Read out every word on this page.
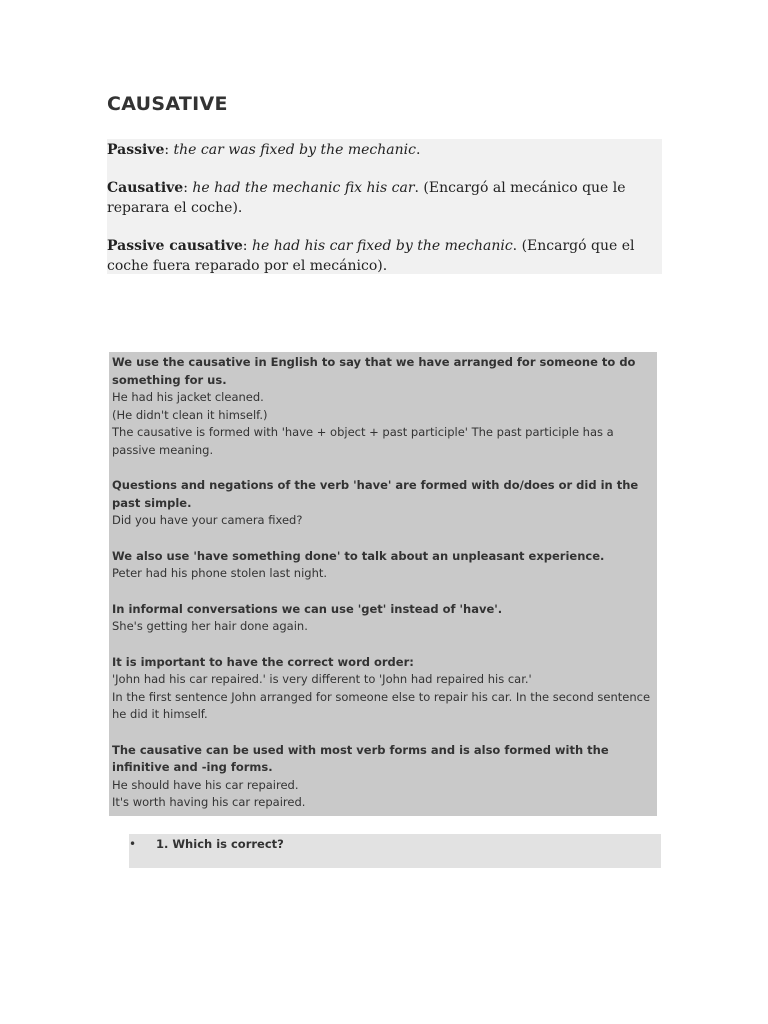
CAUSATIVE

Passive: the car was fixed by the mechanic.

Causative: he had the mechanic fix his car. (Encargó al mecánico que le reparara el coche).

Passive causative: he had his car fixed by the mechanic. (Encargó que el coche fuera reparado por el mecánico).

We use the causative in English to say that we have arranged for someone to do something for us.
He had his jacket cleaned.
(He didn't clean it himself.)
The causative is formed with 'have + object + past participle' The past participle has a passive meaning.
Questions and negations of the verb 'have' are formed with do/does or did in the past simple.
Did you have your camera fixed?
We also use 'have something done' to talk about an unpleasant experience.
Peter had his phone stolen last night.
In informal conversations we can use 'get' instead of 'have'.
She's getting her hair done again.
It is important to have the correct word order:
'John had his car repaired.' is very different to 'John had repaired his car.'
In the first sentence John arranged for someone else to repair his car. In the second sentence he did it himself.
The causative can be used with most verb forms and is also formed with the infinitive and -ing forms.
He should have his car repaired.
It's worth having his car repaired.
• 1. Which is correct?
